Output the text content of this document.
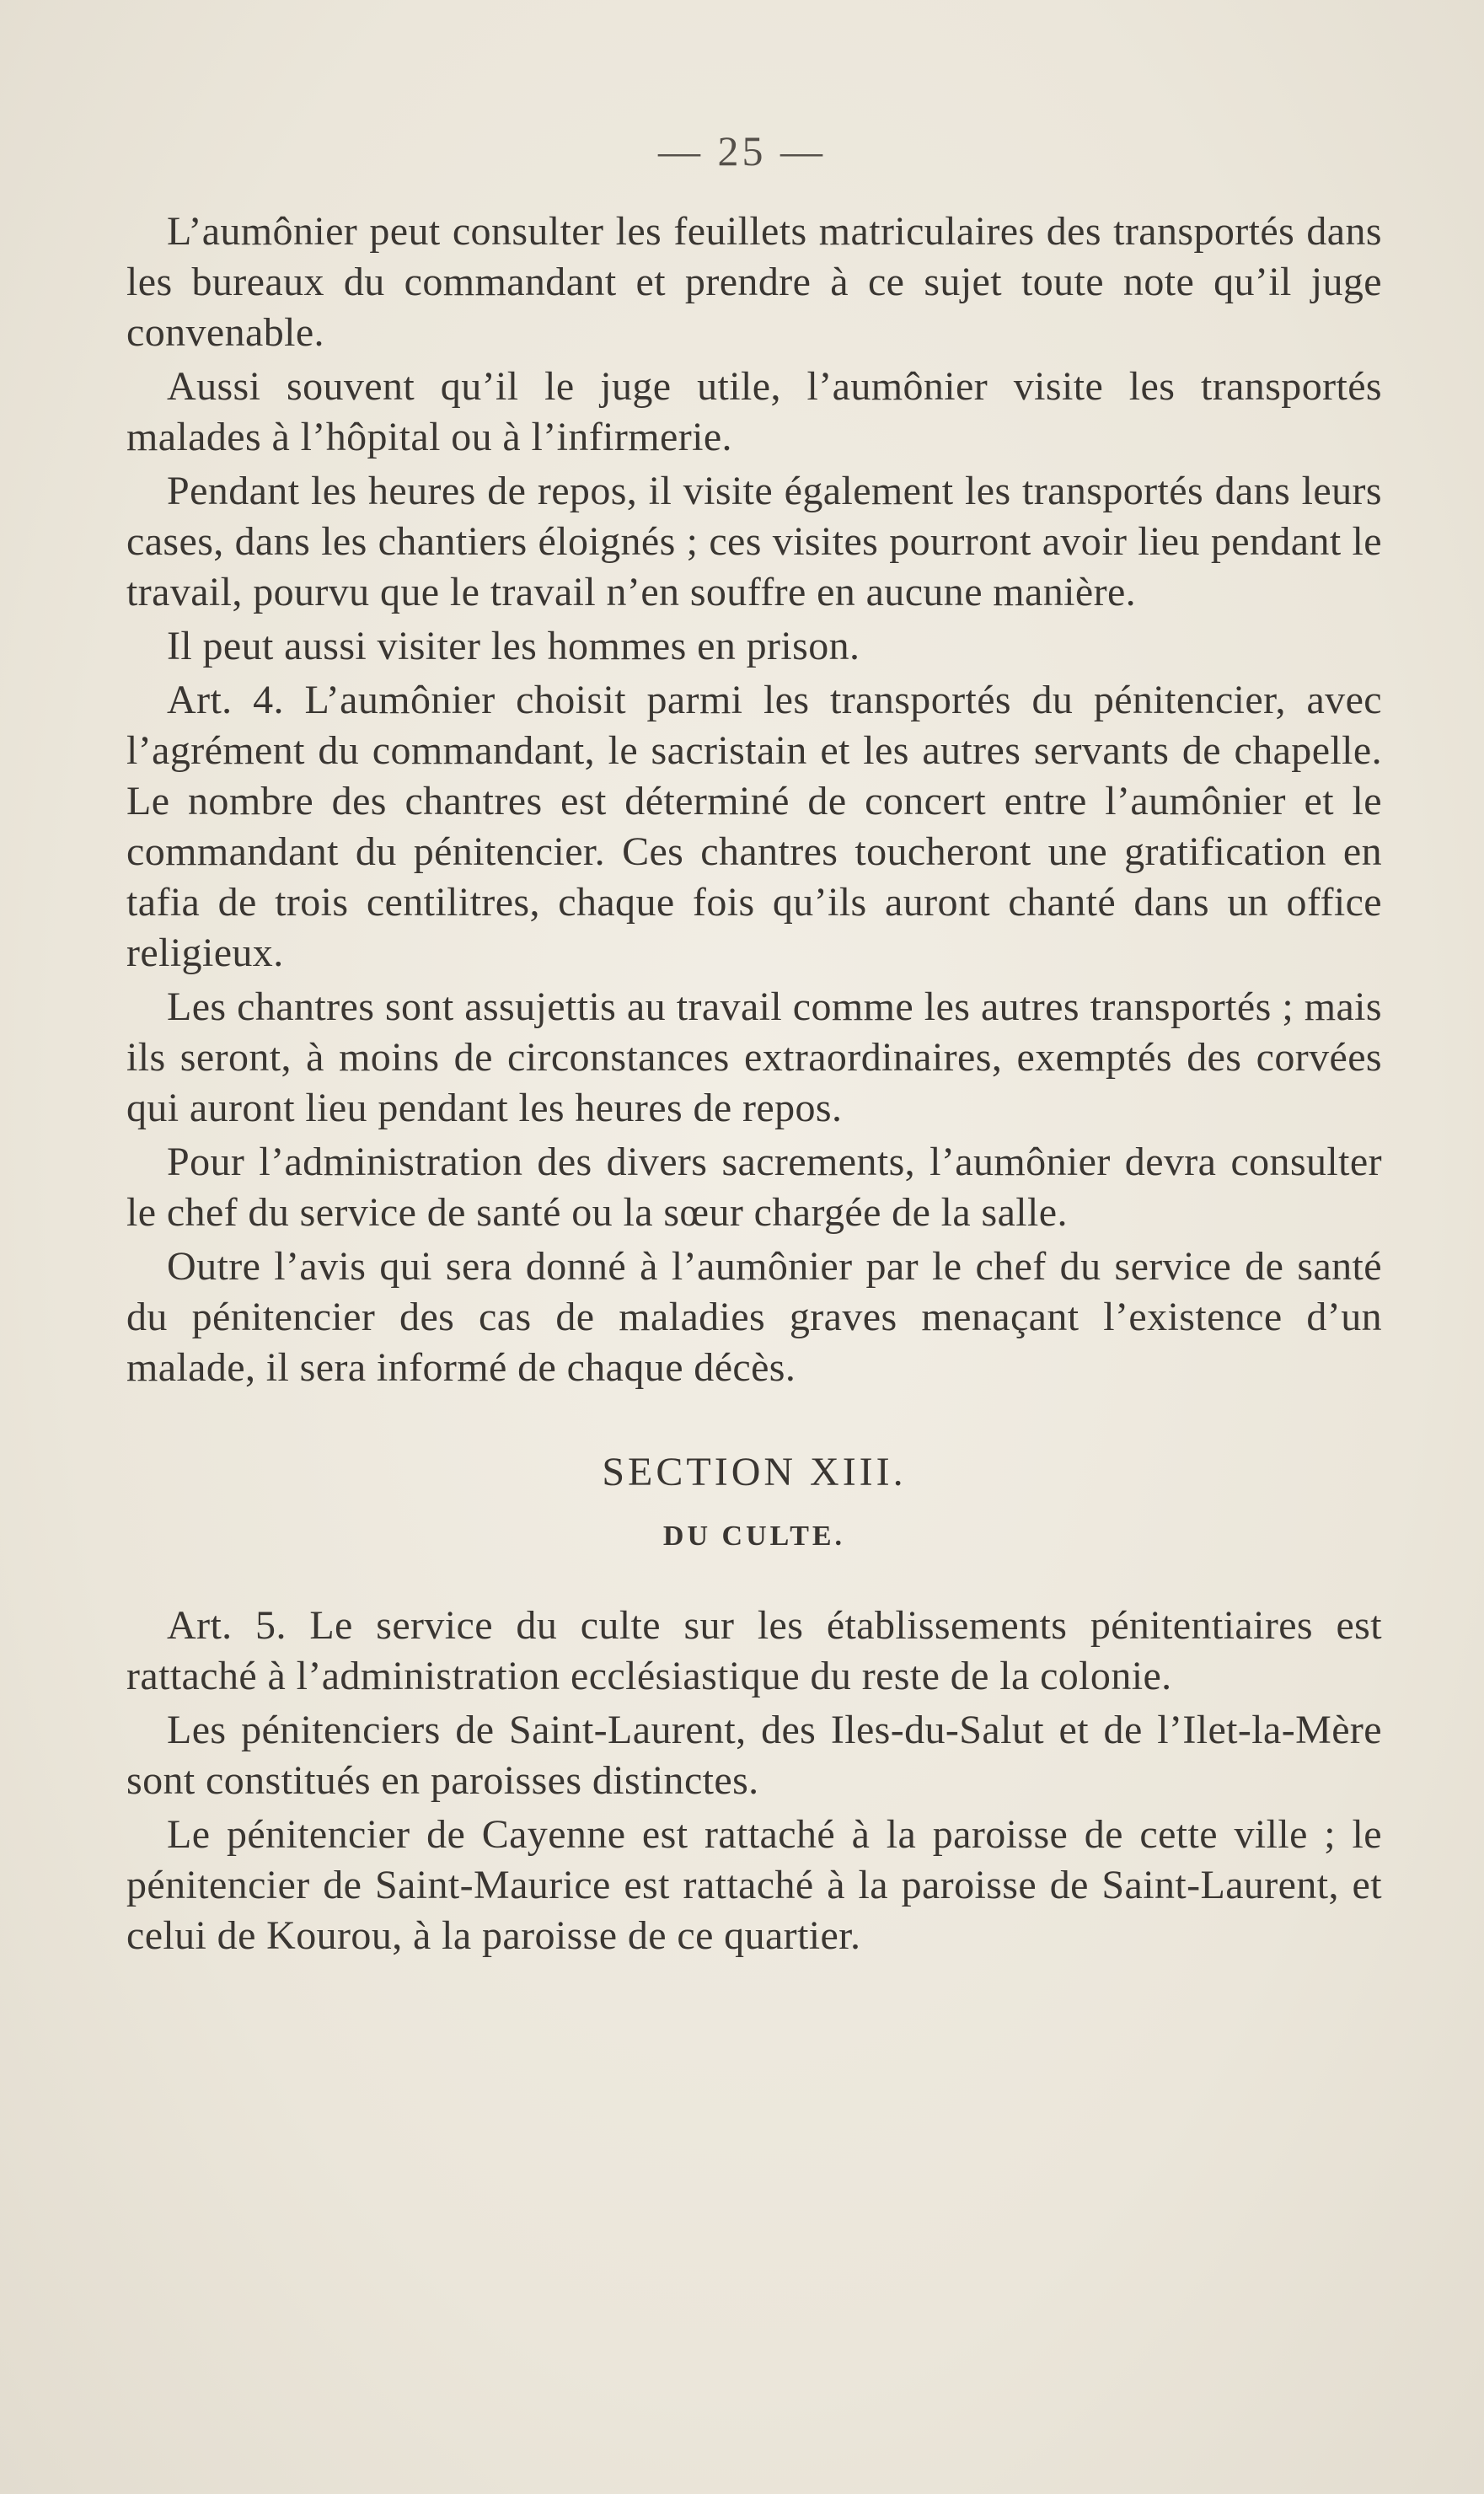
— 25 —

L’aumônier peut consulter les feuillets matriculaires des transportés dans les bureaux du commandant et prendre à ce sujet toute note qu’il juge convenable.

Aussi souvent qu’il le juge utile, l’aumônier visite les transportés malades à l’hôpital ou à l’infirmerie.

Pendant les heures de repos, il visite également les transportés dans leurs cases, dans les chantiers éloignés ; ces visites pourront avoir lieu pendant le travail, pourvu que le travail n’en souffre en aucune manière.

Il peut aussi visiter les hommes en prison.

Art. 4. L’aumônier choisit parmi les transportés du pénitencier, avec l’agrément du commandant, le sacristain et les autres servants de chapelle. Le nombre des chantres est déterminé de concert entre l’aumônier et le commandant du pénitencier. Ces chantres toucheront une gratification en tafia de trois centilitres, chaque fois qu’ils auront chanté dans un office religieux.

Les chantres sont assujettis au travail comme les autres transportés ; mais ils seront, à moins de circonstances extraordinaires, exemptés des corvées qui auront lieu pendant les heures de repos.

Pour l’administration des divers sacrements, l’aumônier devra consulter le chef du service de santé ou la sœur chargée de la salle.

Outre l’avis qui sera donné à l’aumônier par le chef du service de santé du pénitencier des cas de maladies graves menaçant l’existence d’un malade, il sera informé de chaque décès.

SECTION XIII.
DU CULTE.

Art. 5. Le service du culte sur les établissements pénitentiaires est rattaché à l’administration ecclésiastique du reste de la colonie.

Les pénitenciers de Saint-Laurent, des Iles-du-Salut et de l’Ilet-la-Mère sont constitués en paroisses distinctes.

Le pénitencier de Cayenne est rattaché à la paroisse de cette ville ; le pénitencier de Saint-Maurice est rattaché à la paroisse de Saint-Laurent, et celui de Kourou, à la paroisse de ce quartier.
